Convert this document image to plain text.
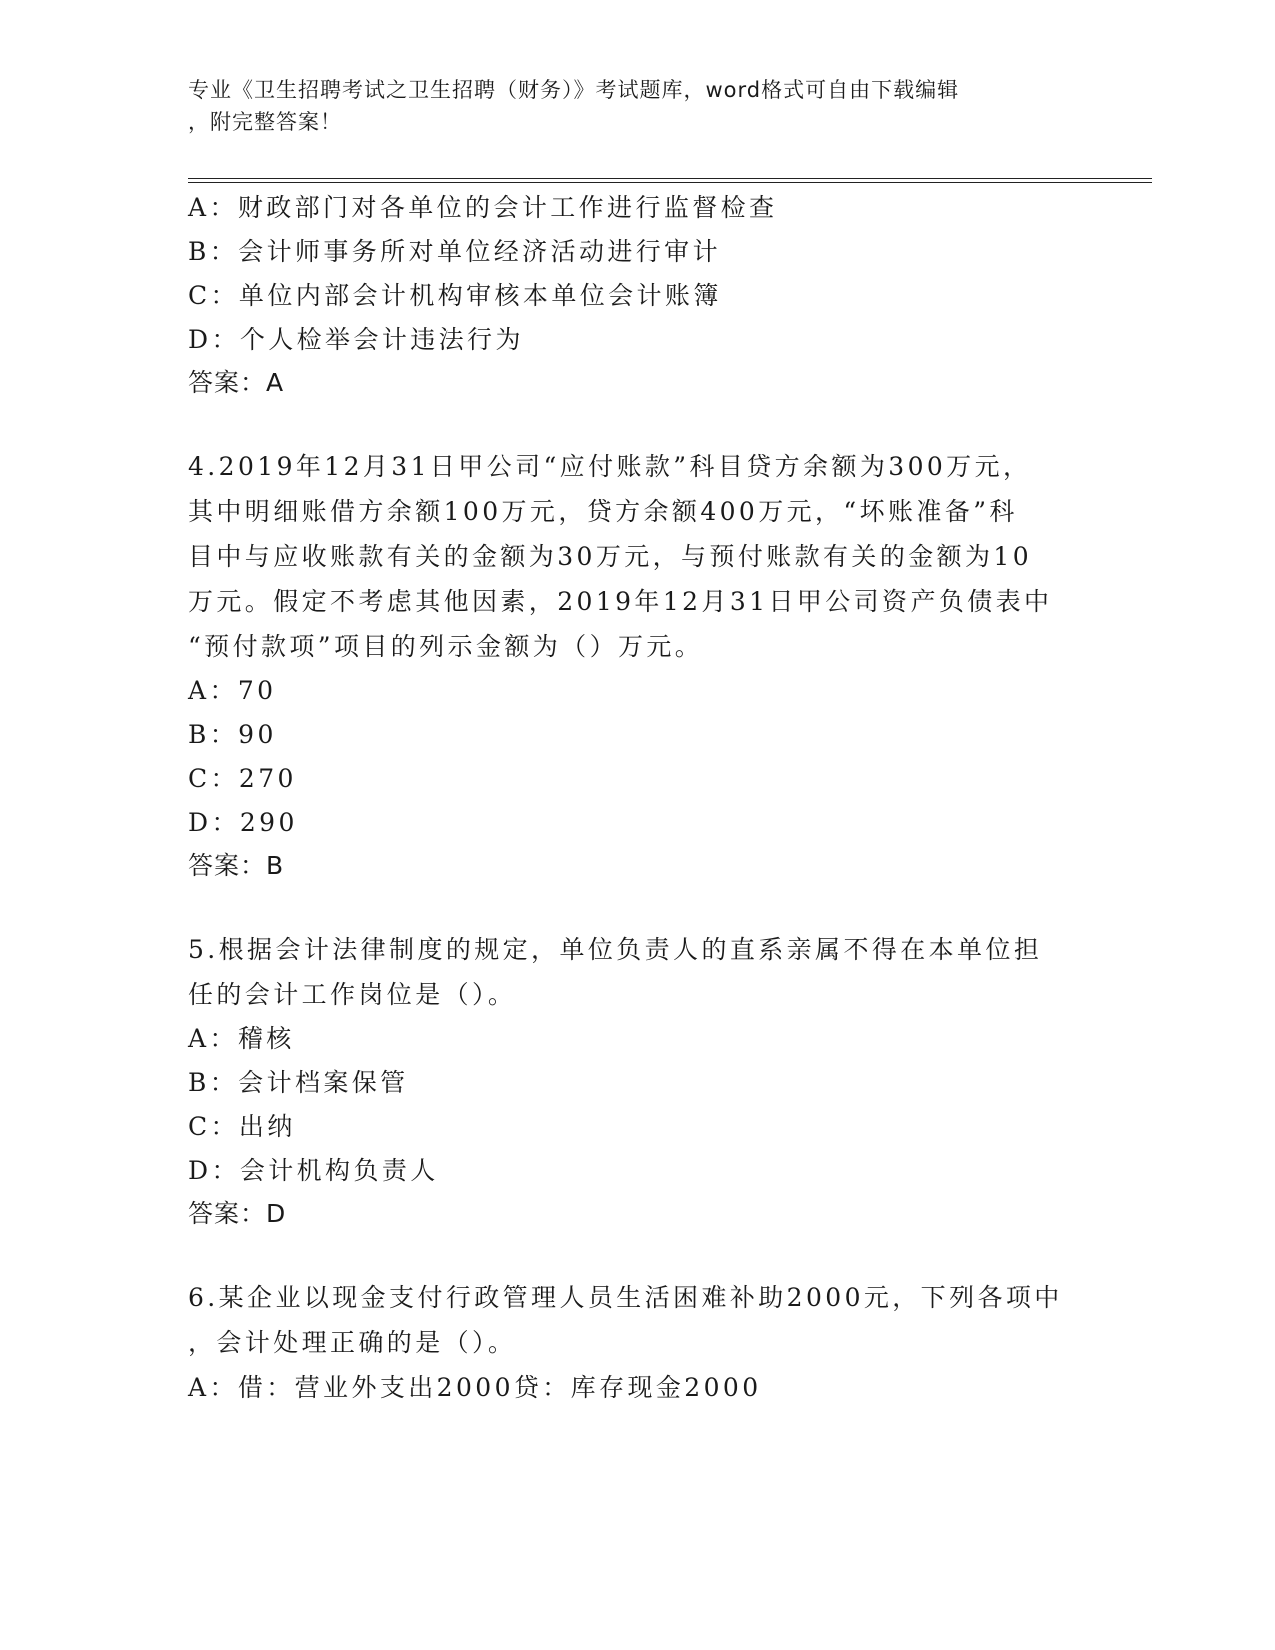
专业《卫生招聘考试之卫生招聘（财务）》考试题库，word格式可自由下载编辑
，附完整答案！
A：财政部门对各单位的会计工作进行监督检查
B：会计师事务所对单位经济活动进行审计
C：单位内部会计机构审核本单位会计账簿
D：个人检举会计违法行为
答案：A
4.2019年12月31日甲公司“应付账款”科目贷方余额为300万元，
其中明细账借方余额100万元，贷方余额400万元，“坏账准备”科
目中与应收账款有关的金额为30万元，与预付账款有关的金额为10
万元。假定不考虑其他因素，2019年12月31日甲公司资产负债表中
“预付款项”项目的列示金额为（）万元。
A：70
B：90
C：270
D：290
答案：B
5.根据会计法律制度的规定，单位负责人的直系亲属不得在本单位担
任的会计工作岗位是（）。
A：稽核
B：会计档案保管
C：出纳
D：会计机构负责人
答案：D
6.某企业以现金支付行政管理人员生活困难补助2000元，下列各项中
，会计处理正确的是（）。
A：借：营业外支出2000贷：库存现金2000
